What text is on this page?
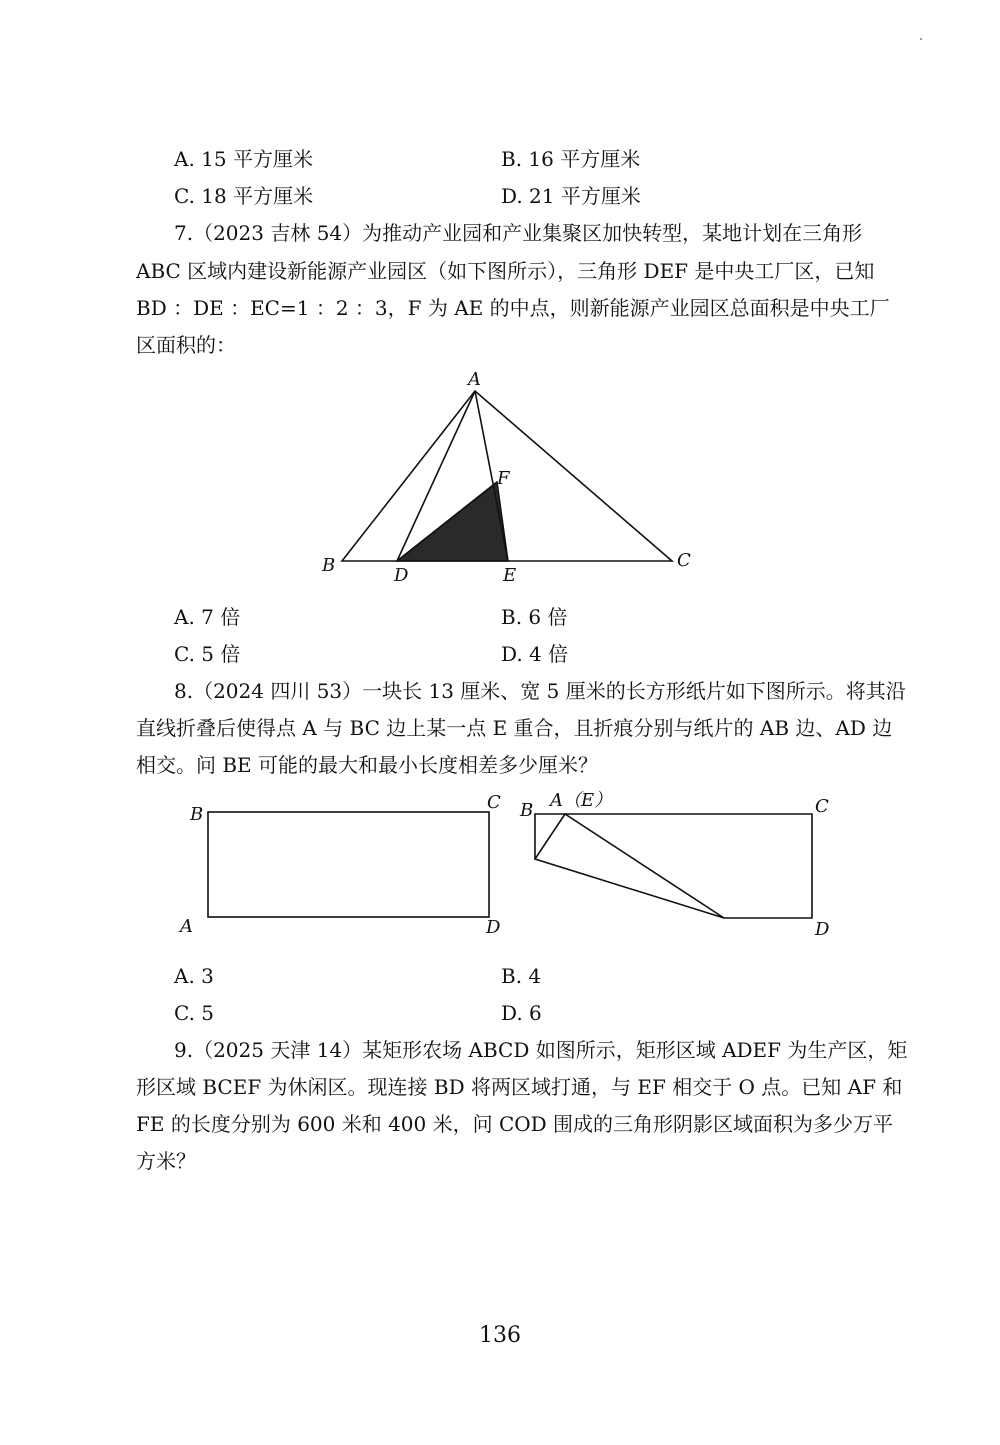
A. 15 平方厘米	B. 16 平方厘米
C. 18 平方厘米	D. 21 平方厘米
7.（2023 吉林 54）为推动产业园和产业集聚区加快转型，某地计划在三角形
ABC 区域内建设新能源产业园区（如下图所示），三角形 DEF 是中央工厂区，已知
BD ：DE ：EC=1 ：2 ：3，F 为 AE 的中点，则新能源产业园区总面积是中央工厂
区面积的：
A
B	C
D	E
F
A. 7 倍	B. 6 倍
C. 5 倍	D. 4 倍
8.（2024 四川 53）一块长 13 厘米、宽 5 厘米的长方形纸片如下图所示。将其沿
直线折叠后使得点 A 与 BC 边上某一点 E 重合，且折痕分别与纸片的 AB 边、AD 边
相交。问 BE 可能的最大和最小长度相差多少厘米？
B
C
A	D
B A（E）	C
D
A. 3	B. 4
C. 5	D. 6
9.（2025 天津 14）某矩形农场 ABCD 如图所示，矩形区域 ADEF 为生产区，矩
形区域 BCEF 为休闲区。现连接 BD 将两区域打通，与 EF 相交于 O 点。已知 AF 和
FE 的长度分别为 600 米和 400 米，问 COD 围成的三角形阴影区域面积为多少万平
方米？
136
